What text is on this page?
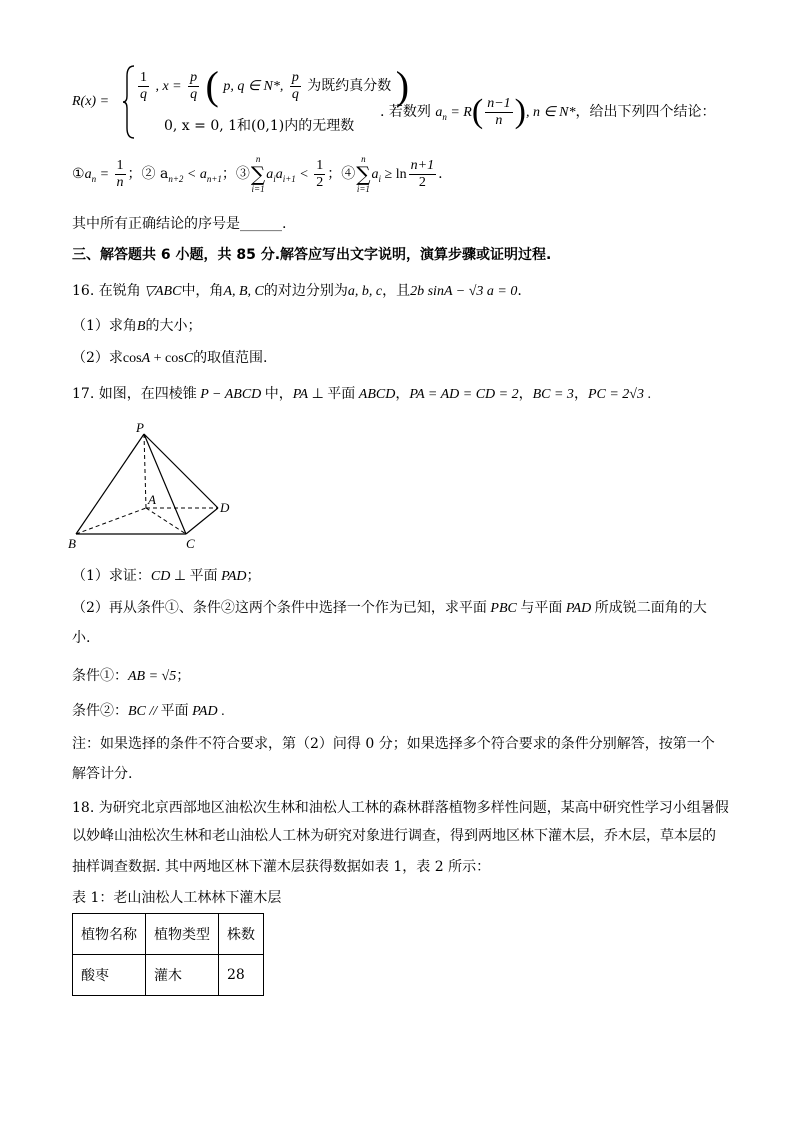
$R(x) = \frac{1}{q}$ , $x = \frac{p}{q}$ ( p, q ∈ N*, $\frac{p}{q}$ 为既约真分数 )
0, x = 0, 1和(0,1)内的无理数
. 若数列 $a_n = R( \frac{n-1}{n}$ ), n ∈ N*，给出下列四个结论：
$①a_n = \frac{1}{n}$ ；② $a_{n+2} < a_{n+1}$；③
n
∑
i=1
$a_ia_{i+1} < \frac{1}{2}$ ；④
n
∑
i=1
$a_i \ge \ln \frac{n+1}{2}$ .
其中所有正确结论的序号是______.
三、解答题共 6 小题，共 85 分.解答应写出文字说明，演算步骤或证明过程.
16. 在锐角 ▽ABC中，角A, B, C的对边分别为a, b, c，且2b sinA − √3 a = 0.
（1）求角B的大小；
（2）求cosA + cosC的取值范围.
17. 如图，在四棱锥 P − ABCD 中，PA ⊥ 平面 ABCD，PA = AD = CD = 2，BC = 3，PC = 2√3 .
P
A
B	C
D
（1）求证：CD ⊥ 平面 PAD；
（2）再从条件①、条件②这两个条件中选择一个作为已知，求平面 PBC 与平面 PAD 所成锐二面角的大
小.
条件①：AB = √5；
条件②：BC // 平面 PAD .
注：如果选择的条件不符合要求，第（2）问得 0 分；如果选择多个符合要求的条件分别解答，按第一个
解答计分.
18. 为研究北京西部地区油松次生林和油松人工林的森林群落植物多样性问题，某高中研究性学习小组暑假
以妙峰山油松次生林和老山油松人工林为研究对象进行调查，得到两地区林下灌木层，乔木层，草本层的
抽样调查数据. 其中两地区林下灌木层获得数据如表 1，表 2 所示：
表 1：老山油松人工林林下灌木层
植物名称	植物类型	株数
酸枣	灌木	28
